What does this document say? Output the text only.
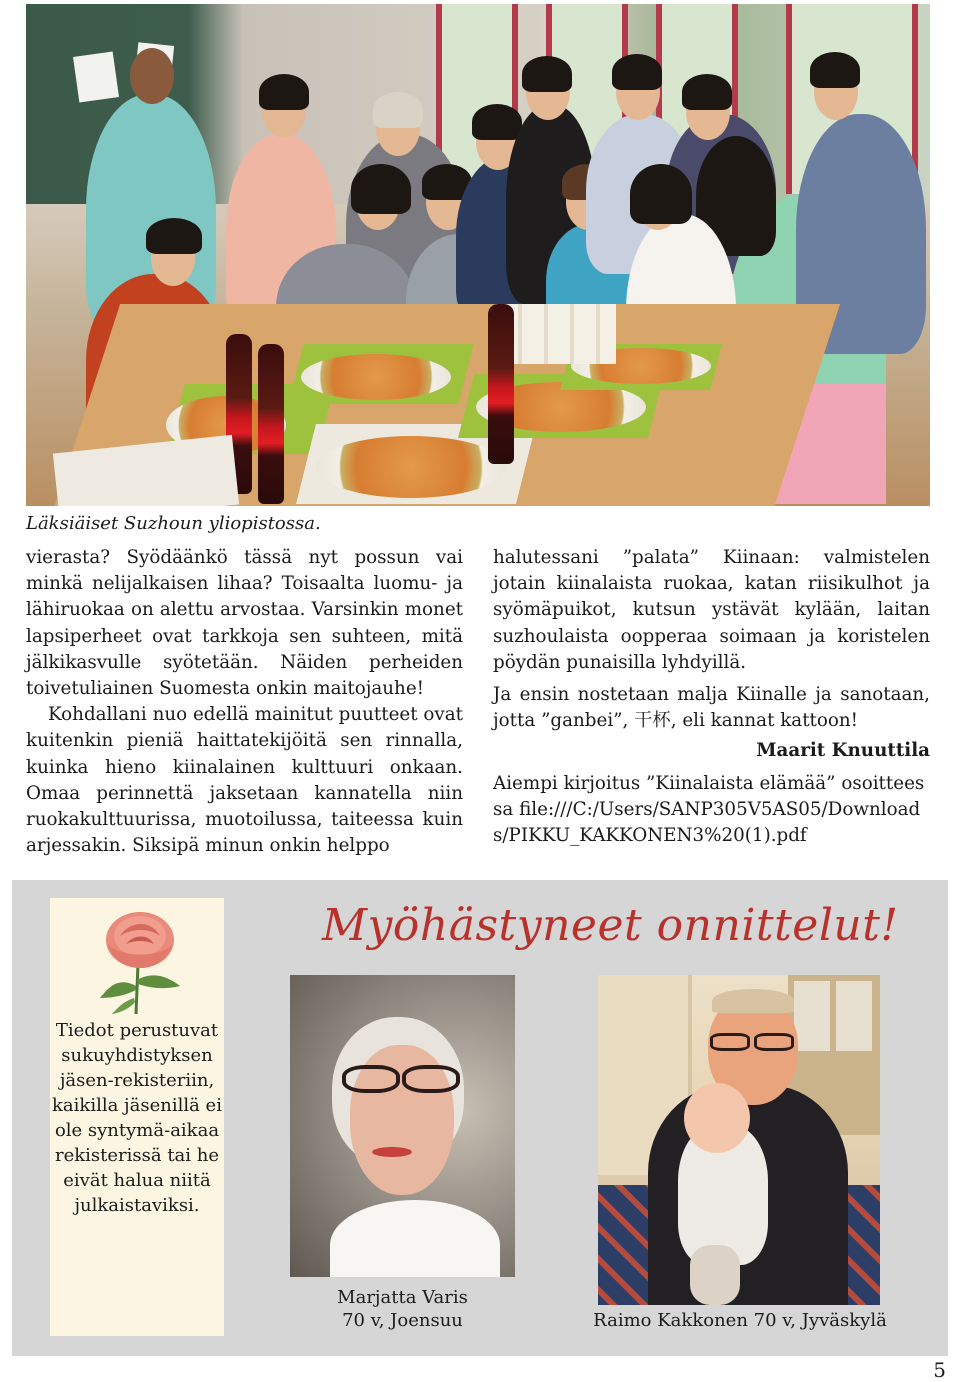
Läksiäiset Suzhoun yliopistossa.

vierasta? Syödäänkö tässä nyt possun vai minkä nelijalkaisen lihaa? Toisaalta luomu- ja lähiruokaa on alettu arvostaa. Varsinkin monet lapsiperheet ovat tarkkoja sen suhteen, mitä jälkikasvulle syötetään. Näiden perheiden toivetuliainen Suomesta onkin maitojauhe!

Kohdallani nuo edellä mainitut puutteet ovat kuitenkin pieniä haittatekijöitä sen rinnalla, kuinka hieno kiinalainen kulttuuri onkaan. Omaa perinnettä jaksetaan kannatella niin ruokakulttuurissa, muotoilussa, taiteessa kuin arjessakin. Siksipä minun onkin helppo

halutessani ”palata” Kiinaan: valmistelen jotain kiinalaista ruokaa, katan riisikulhot ja syömäpuikot, kutsun ystävät kylään, laitan suzhoulaista oopperaa soimaan ja koristelen pöydän punaisilla lyhdyillä.

Ja ensin nostetaan malja Kiinalle ja sanotaan, jotta ”ganbei”, 干杯, eli kannat kattoon!

Maarit Knuuttila

Aiempi kirjoitus ”Kiinalaista elämää” osoitteessa file:///C:/Users/SANP305V5AS05/Downloads/PIKKU_KAKKONEN3%20(1).pdf

Tiedot perustuvat sukuyhdistyksen jäsen-rekisteriin, kaikilla jäsenillä ei ole syntymä-aikaa rekisterissä tai he eivät halua niitä julkaistaviksi.
Myöhästyneet onnittelut!
Marjatta Varis
70 v, Joensuu	Raimo Kakkonen 70 v, Jyväskylä
5
